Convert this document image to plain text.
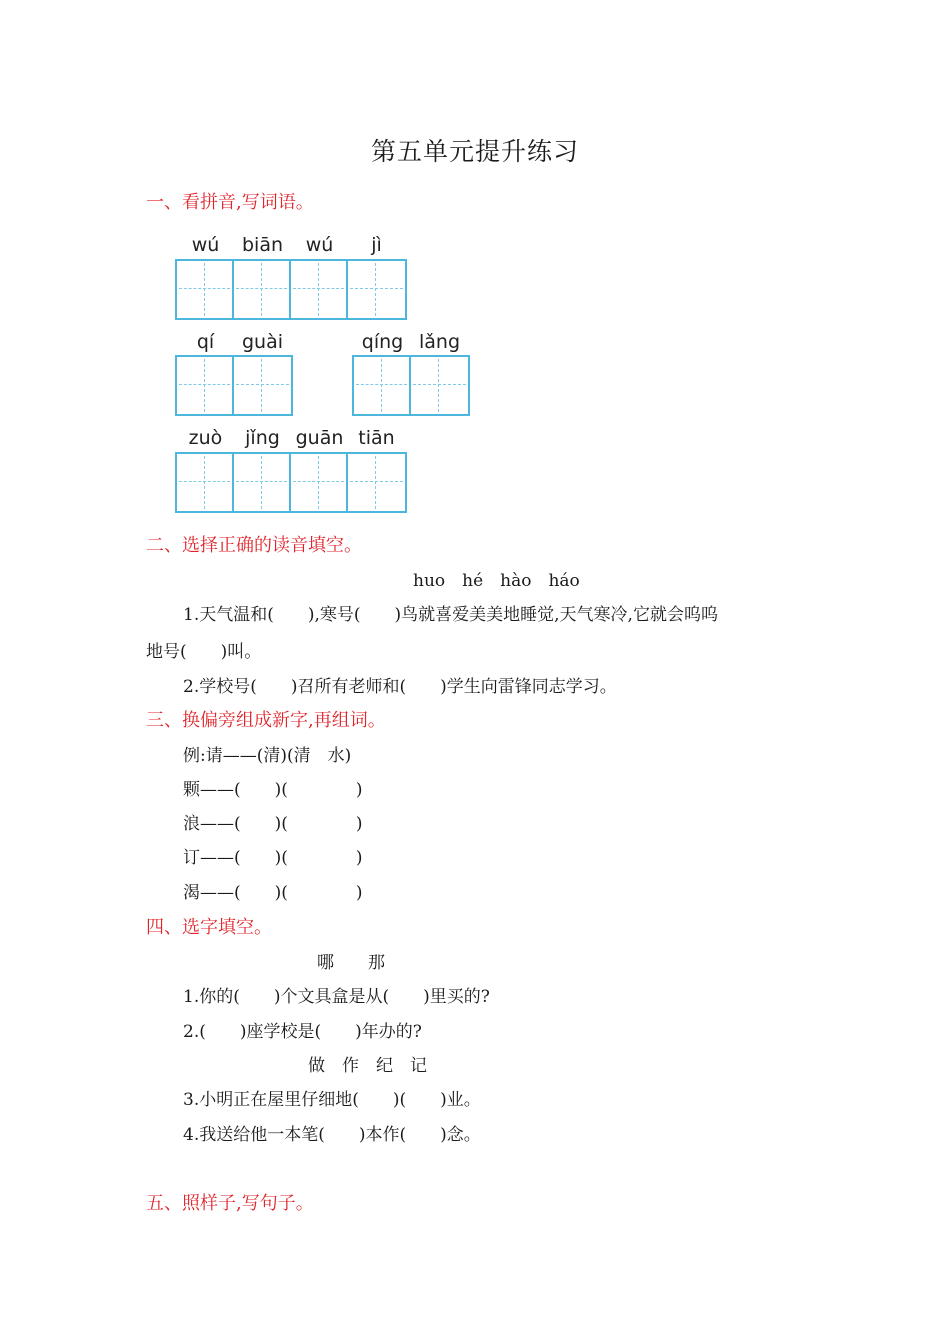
第五单元提升练习
一、看拼音,写词语。
wú	biān	wú	jì
qí	guài	qíng lǎng
zuò	jǐng guān tiān
二、选择正确的读音填空。
huo　hé　hào　háo
1.天气温和(　　),寒号(　　)鸟就喜爱美美地睡觉,天气寒冷,它就会呜呜
地号(　　)叫。
2.学校号(　　)召所有老师和(　　)学生向雷锋同志学习。
三、换偏旁组成新字,再组词。
例:请——(清)(清　水)
颗——(　　)(　　　　)
浪——(　　)(　　　　)
订——(　　)(　　　　)
渴——(　　)(　　　　)
四、选字填空。
哪　　那
1.你的(　　)个文具盒是从(　　)里买的?
2.(　　)座学校是(　　)年办的?
做　作　纪　记
3.小明正在屋里仔细地(　　)(　　)业。
4.我送给他一本笔(　　)本作(　　)念。
五、照样子,写句子。
